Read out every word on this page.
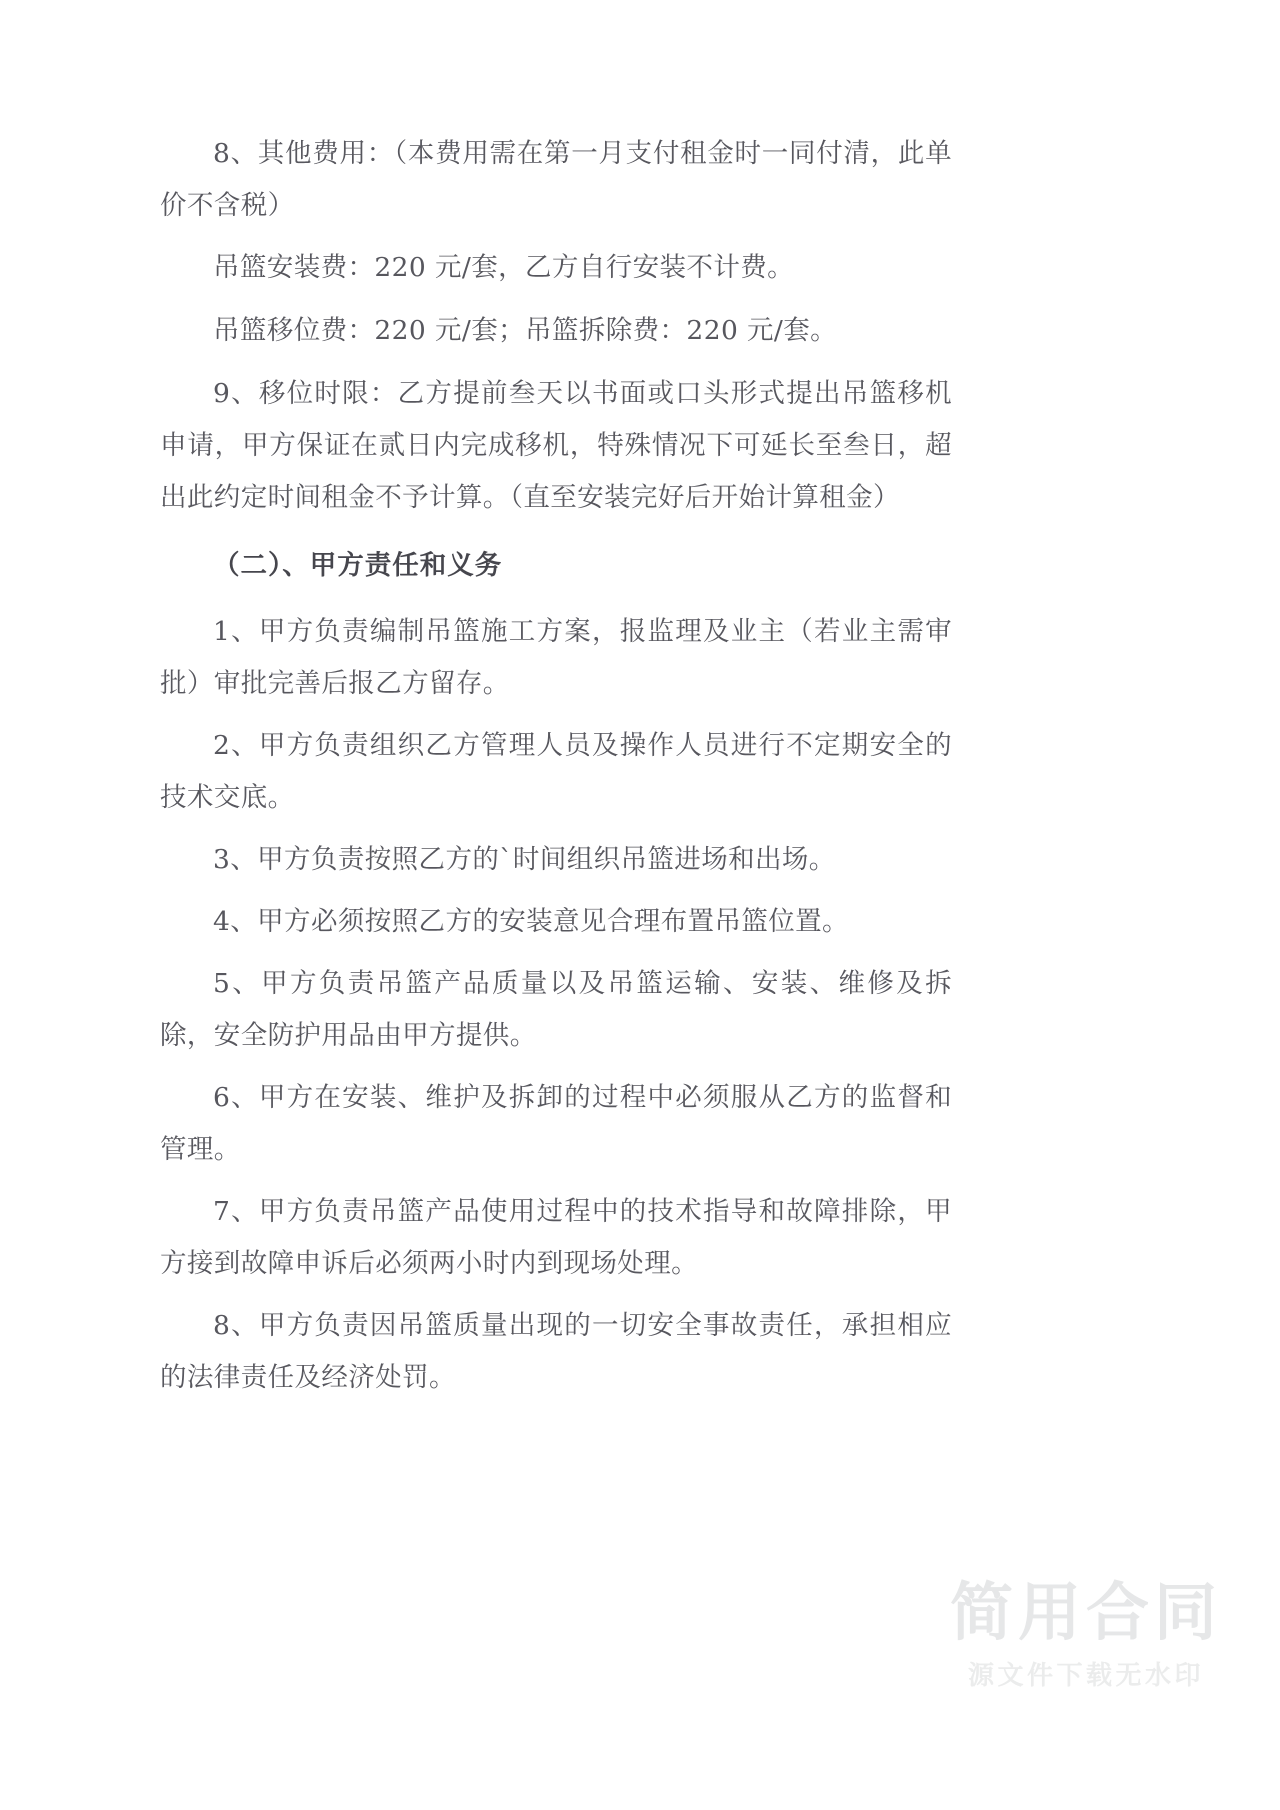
8、其他费用：（本费用需在第一月支付租金时一同付清，此单价不含税）

吊篮安装费：220 元/套，乙方自行安装不计费。

吊篮移位费：220 元/套；吊篮拆除费：220 元/套。

9、移位时限：乙方提前叁天以书面或口头形式提出吊篮移机申请，甲方保证在贰日内完成移机，特殊情况下可延长至叁日，超出此约定时间租金不予计算。（直至安装完好后开始计算租金）

（二）、甲方责任和义务

1、甲方负责编制吊篮施工方案，报监理及业主（若业主需审批）审批完善后报乙方留存。

2、甲方负责组织乙方管理人员及操作人员进行不定期安全的技术交底。

3、甲方负责按照乙方的`时间组织吊篮进场和出场。

4、甲方必须按照乙方的安装意见合理布置吊篮位置。

5、甲方负责吊篮产品质量以及吊篮运输、安装、维修及拆除，安全防护用品由甲方提供。

6、甲方在安装、维护及拆卸的过程中必须服从乙方的监督和管理。

7、甲方负责吊篮产品使用过程中的技术指导和故障排除，甲方接到故障申诉后必须两小时内到现场处理。

8、甲方负责因吊篮质量出现的一切安全事故责任，承担相应的法律责任及经济处罚。

简用合同
源文件下载无水印
